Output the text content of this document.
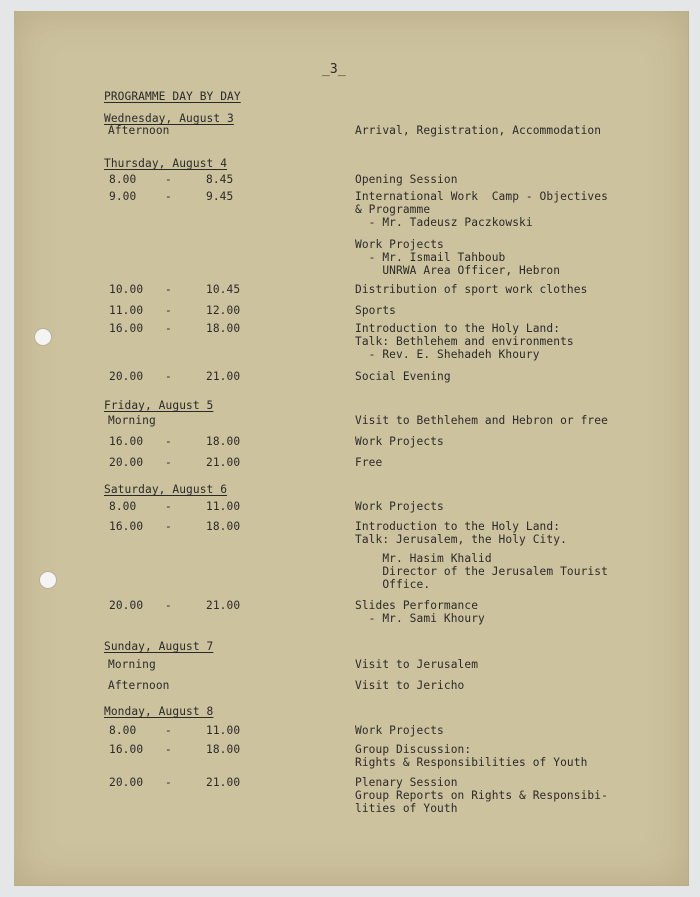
_3_
PROGRAMME DAY BY DAY
Wednesday, August 3
Afternoon	Arrival, Registration, Accommodation
Thursday, August 4
8.00	-	8.45	Opening Session
9.00	-	9.45	International Work  Camp - Objectives
& Programme
- Mr. Tadeusz Paczkowski
Work Projects
- Mr. Ismail Tahboub
UNRWA Area Officer, Hebron
10.00 -	10.45	Distribution of sport work clothes
11.00 -	12.00	Sports
16.00 -	18.00	Introduction to the Holy Land:
Talk: Bethlehem and environments
- Rev. E. Shehadeh Khoury
20.00 -	21.00	Social Evening
Friday, August 5
Morning	Visit to Bethlehem and Hebron or free
16.00 -	18.00	Work Projects
20.00 -	21.00	Free
Saturday, August 6
8.00	-	11.00	Work Projects
16.00 -	18.00	Introduction to the Holy Land:
Talk: Jerusalem, the Holy City.
Mr. Hasim Khalid
Director of the Jerusalem Tourist
Office.
20.00 -	21.00	Slides Performance
- Mr. Sami Khoury
Sunday, August 7
Morning	Visit to Jerusalem
Afternoon	Visit to Jericho
Monday, August 8
8.00	-	11.00	Work Projects
16.00 -	18.00	Group Discussion:
Rights & Responsibilities of Youth
20.00 -	21.00	Plenary Session
Group Reports on Rights & Responsibi-
lities of Youth
